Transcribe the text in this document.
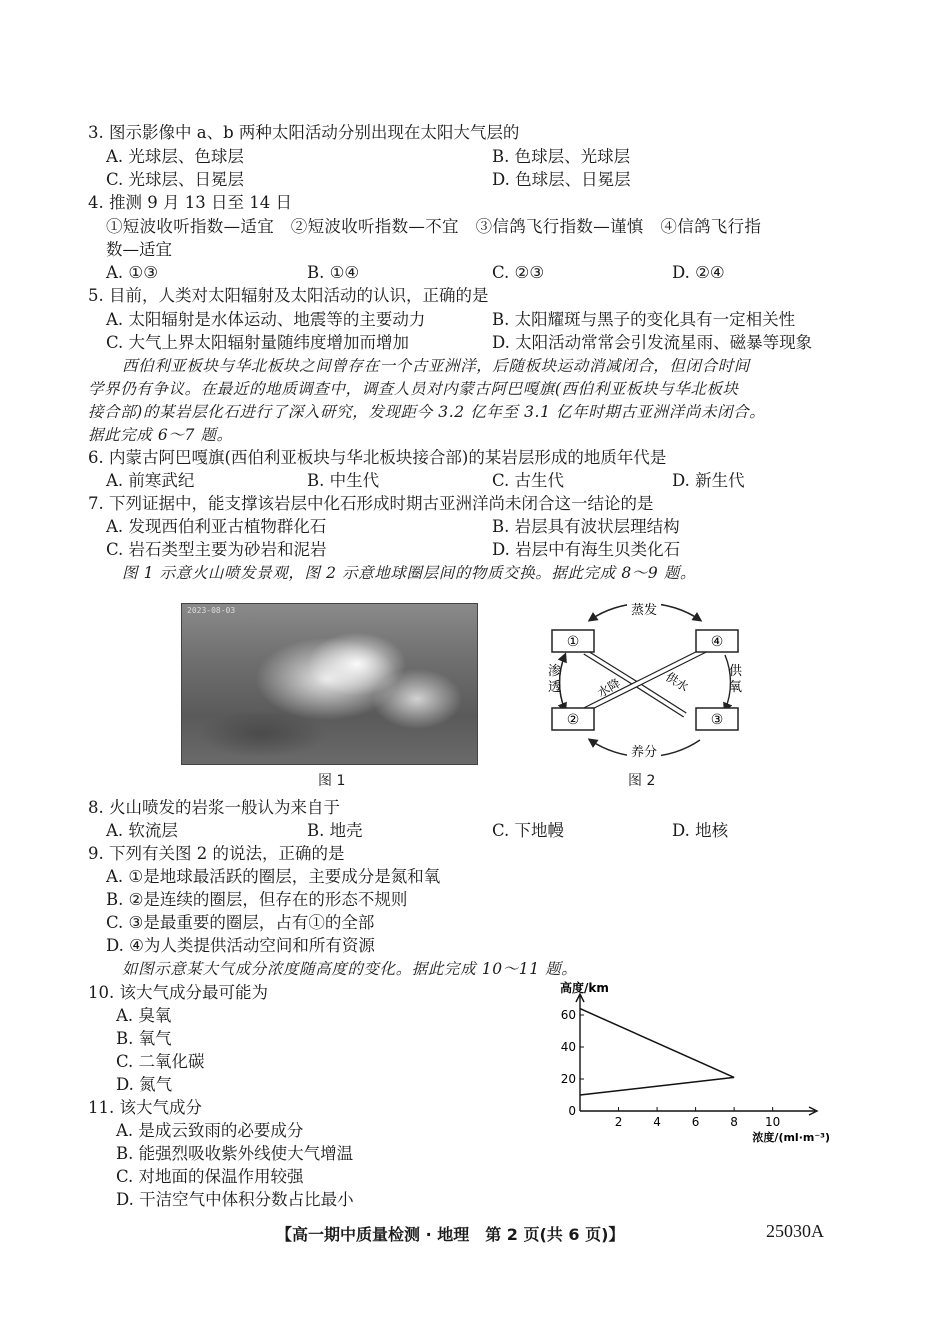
3. 图示影像中 a、b 两种太阳活动分别出现在太阳大气层的
A. 光球层、色球层	B. 色球层、光球层
C. 光球层、日冕层	D. 色球层、日冕层
4. 推测 9 月 13 日至 14 日
①短波收听指数—适宜　②短波收听指数—不宜　③信鸽飞行指数—谨慎　④信鸽飞行指
数—适宜
A. ①③	B. ①④	C. ②③	D. ②④
5. 目前，人类对太阳辐射及太阳活动的认识，正确的是
A. 太阳辐射是水体运动、地震等的主要动力	B. 太阳耀斑与黑子的变化具有一定相关性
C. 大气上界太阳辐射量随纬度增加而增加	D. 太阳活动常常会引发流星雨、磁暴等现象
西伯利亚板块与华北板块之间曾存在一个古亚洲洋，后随板块运动消减闭合，但闭合时间
学界仍有争议。在最近的地质调查中，调查人员对内蒙古阿巴嘎旗(西伯利亚板块与华北板块
接合部)的某岩层化石进行了深入研究，发现距今 3.2 亿年至 3.1 亿年时期古亚洲洋尚未闭合。
据此完成 6～7 题。
6. 内蒙古阿巴嘎旗(西伯利亚板块与华北板块接合部)的某岩层形成的地质年代是
A. 前寒武纪	B. 中生代	C. 古生代	D. 新生代
7. 下列证据中，能支撑该岩层中化石形成时期古亚洲洋尚未闭合这一结论的是
A. 发现西伯利亚古植物群化石	B. 岩层具有波状层理结构
C. 岩石类型主要为砂岩和泥岩	D. 岩层中有海生贝类化石
图 1 示意火山喷发景观，图 2 示意地球圈层间的物质交换。据此完成 8～9 题。
2023-08-03
图 1
①	④
②	③
蒸发
养分
渗
透
供
氧
水降	供水
图 2
8. 火山喷发的岩浆一般认为来自于
A. 软流层	B. 地壳	C. 下地幔	D. 地核
9. 下列有关图 2 的说法，正确的是
A. ①是地球最活跃的圈层，主要成分是氮和氧
B. ②是连续的圈层，但存在的形态不规则
C. ③是最重要的圈层，占有①的全部
D. ④为人类提供活动空间和所有资源
如图示意某大气成分浓度随高度的变化。据此完成 10～11 题。
10. 该大气成分最可能为
A. 臭氧
B. 氧气
C. 二氧化碳
D. 氮气
11. 该大气成分
A. 是成云致雨的必要成分
B. 能强烈吸收紫外线使大气增温
C. 对地面的保温作用较强
D. 干洁空气中体积分数占比最小
高度/km
浓度/(ml·m⁻³)
0
20
40
60
2	4	6	8 10
【高一期中质量检测 · 地理　第 2 页(共 6 页)】	25030A
